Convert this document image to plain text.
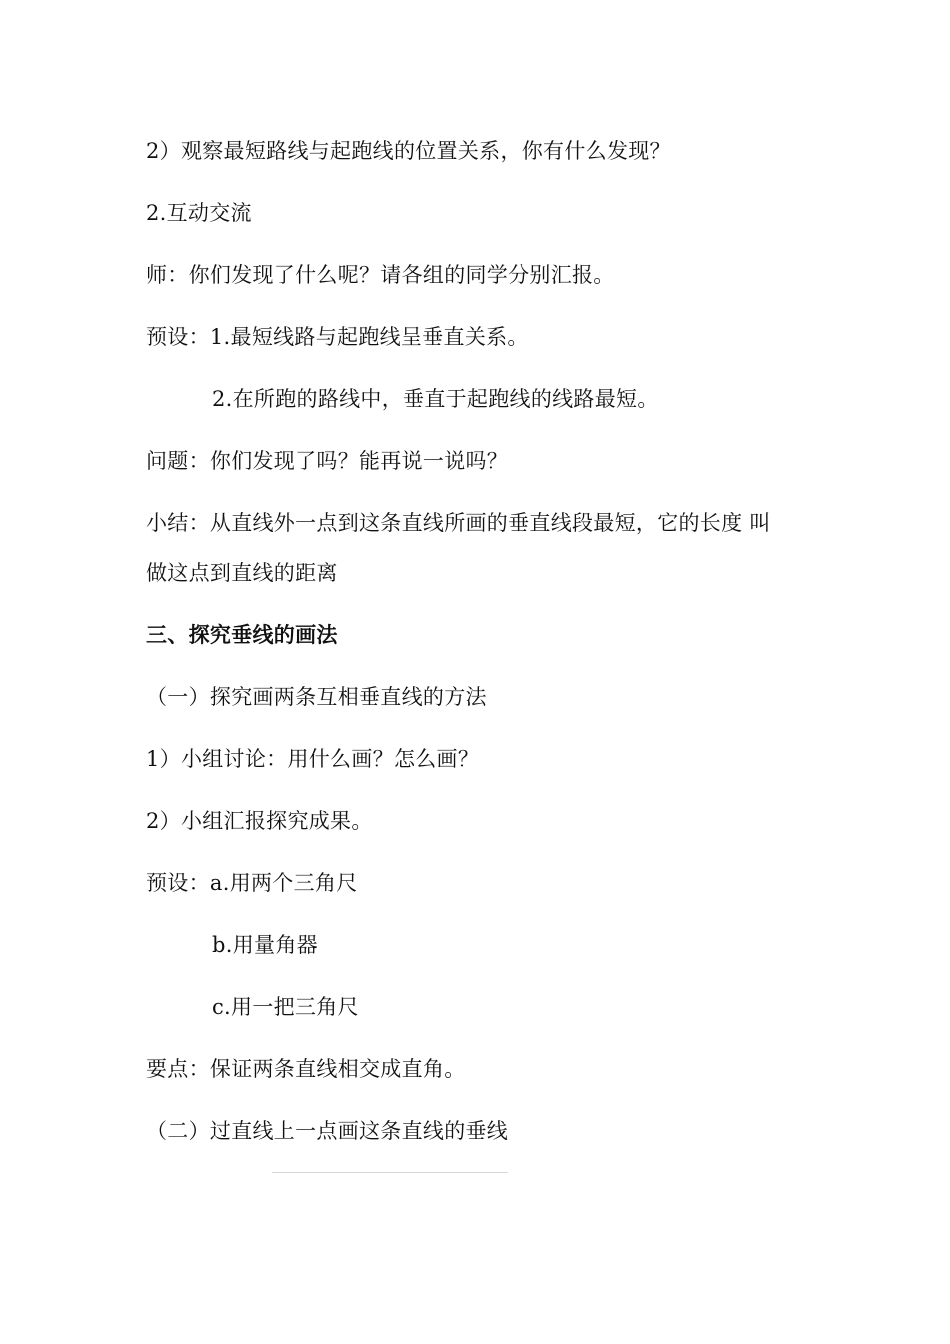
2）观察最短路线与起跑线的位置关系，你有什么发现？
2.互动交流
师：你们发现了什么呢？请各组的同学分别汇报。
预设：1.最短线路与起跑线呈垂直关系。
2.在所跑的路线中，垂直于起跑线的线路最短。
问题：你们发现了吗？能再说一说吗？
小结：从直线外一点到这条直线所画的垂直线段最短，它的长度 叫
做这点到直线的距离
三、探究垂线的画法
（一）探究画两条互相垂直线的方法
1）小组讨论：用什么画？怎么画？
2）小组汇报探究成果。
预设：a.用两个三角尺
b.用量角器
c.用一把三角尺
要点：保证两条直线相交成直角。
（二）过直线上一点画这条直线的垂线
